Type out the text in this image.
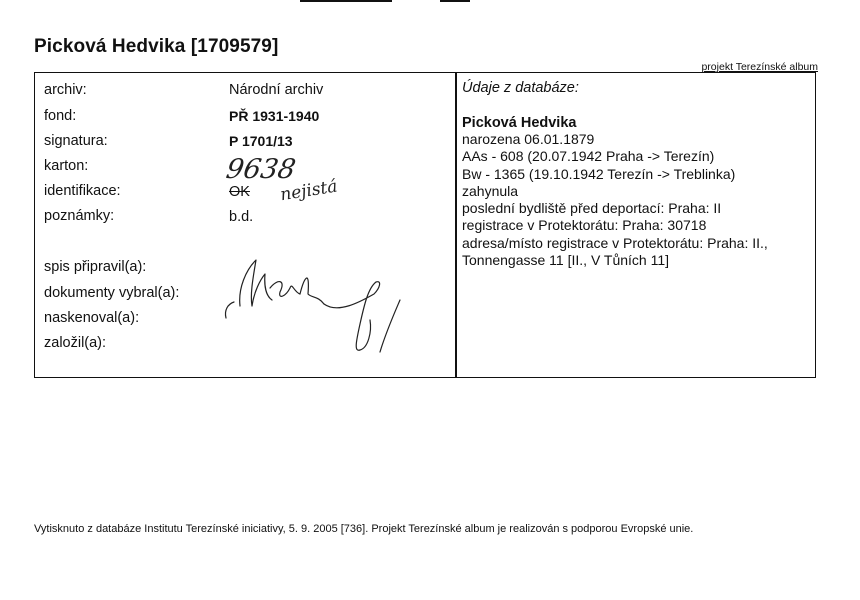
Picková Hedvika [1709579]
projekt Terezínské album
archiv:
fond:
signatura:
karton:
identifikace:
poznámky:
spis připravil(a):
dokumenty vybral(a):
naskenoval(a):
založil(a):
Národní archiv
PŘ 1931-1940
P 1701/13
9638
OK nejistá
b.d.
Údaje z databáze:
Picková Hedvika
narozena 06.01.1879
AAs - 608 (20.07.1942 Praha -> Terezín)
Bw - 1365 (19.10.1942 Terezín -> Treblinka)
zahynula
poslední bydliště před deportací: Praha: II
registrace v Protektorátu: Praha: 30718
adresa/místo registrace v Protektorátu: Praha: II.,
Tonnengasse 11 [II., V Tůních 11]
Vytisknuto z databáze Institutu Terezínské iniciativy, 5. 9. 2005 [736]. Projekt Terezínské album je realizován s podporou Evropské unie.
